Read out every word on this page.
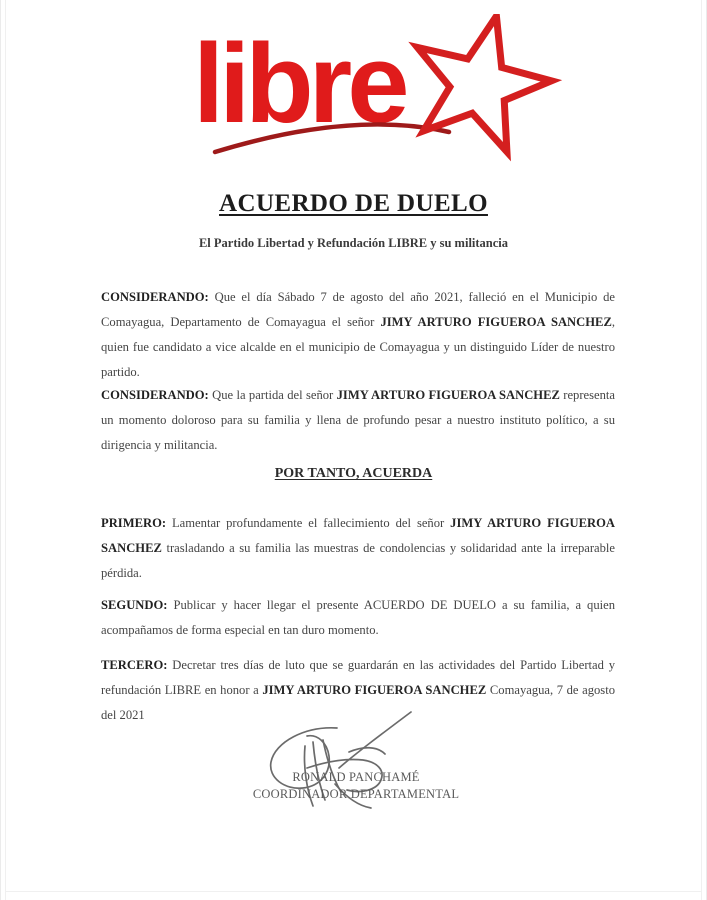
libre
ACUERDO DE DUELO
El Partido Libertad y Refundación LIBRE y su militancia
CONSIDERANDO: Que el día Sábado 7 de agosto del año 2021, falleció en el Municipio de Comayagua, Departamento de Comayagua el señor JIMY ARTURO FIGUEROA SANCHEZ, quien fue candidato a vice alcalde en el municipio de Comayagua y un distinguido Líder de nuestro partido.
CONSIDERANDO: Que la partida del señor JIMY ARTURO FIGUEROA SANCHEZ representa un momento doloroso para su familia y llena de profundo pesar a nuestro instituto político, a su dirigencia y militancia.
POR TANTO, ACUERDA
PRIMERO: Lamentar profundamente el fallecimiento del señor JIMY ARTURO FIGUEROA SANCHEZ trasladando a su familia las muestras de condolencias y solidaridad ante la irreparable pérdida.
SEGUNDO: Publicar y hacer llegar el presente ACUERDO DE DUELO a su familia, a quien acompañamos de forma especial en tan duro momento.
TERCERO: Decretar tres días de luto que se guardarán en las actividades del Partido Libertad y refundación LIBRE en honor a JIMY ARTURO FIGUEROA SANCHEZ Comayagua, 7 de agosto del 2021
RONALD PANCHAMÉ
COORDINADOR DEPARTAMENTAL
